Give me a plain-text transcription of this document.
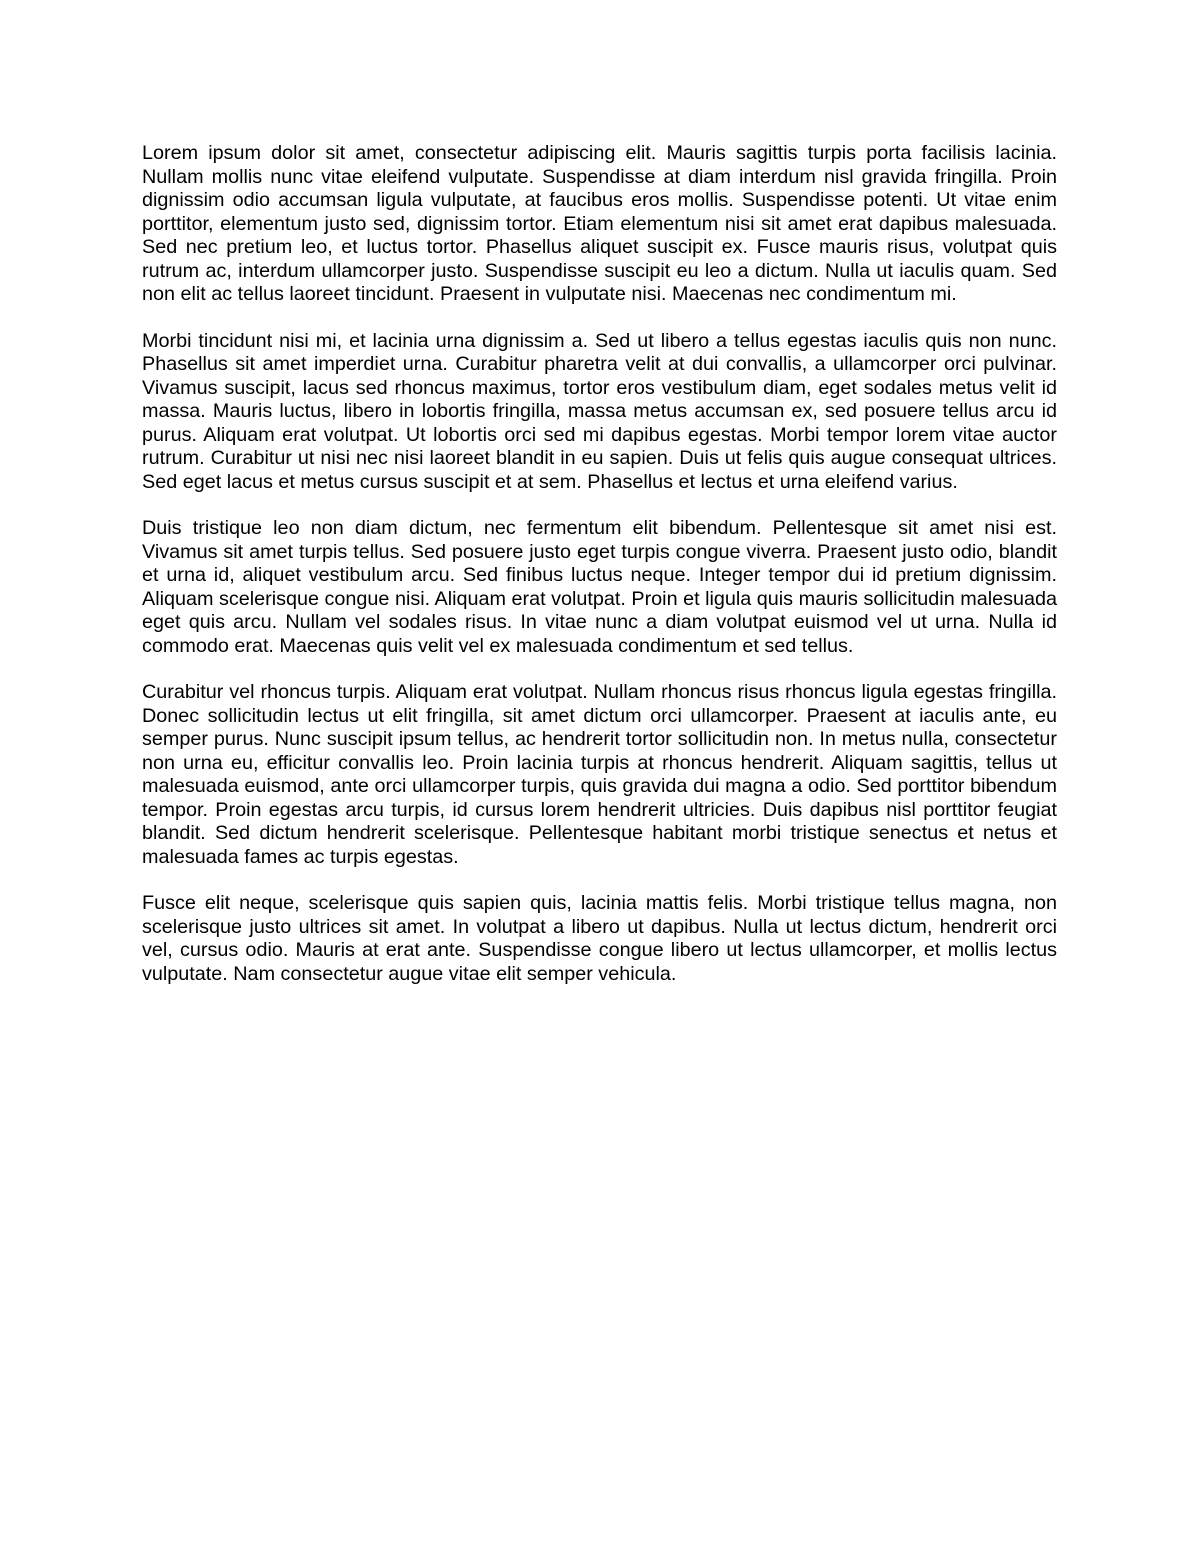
Lorem ipsum dolor sit amet, consectetur adipiscing elit. Mauris sagittis turpis porta facilisis lacinia. Nullam mollis nunc vitae eleifend vulputate. Suspendisse at diam interdum nisl gravida fringilla. Proin dignissim odio accumsan ligula vulputate, at faucibus eros mollis. Suspendisse potenti. Ut vitae enim porttitor, elementum justo sed, dignissim tortor. Etiam elementum nisi sit amet erat dapibus malesuada. Sed nec pretium leo, et luctus tortor. Phasellus aliquet suscipit ex. Fusce mauris risus, volutpat quis rutrum ac, interdum ullamcorper justo. Suspendisse suscipit eu leo a dictum. Nulla ut iaculis quam. Sed non elit ac tellus laoreet tincidunt. Praesent in vulputate nisi. Maecenas nec condimentum mi.

Morbi tincidunt nisi mi, et lacinia urna dignissim a. Sed ut libero a tellus egestas iaculis quis non nunc. Phasellus sit amet imperdiet urna. Curabitur pharetra velit at dui convallis, a ullamcorper orci pulvinar. Vivamus suscipit, lacus sed rhoncus maximus, tortor eros vestibulum diam, eget sodales metus velit id massa. Mauris luctus, libero in lobortis fringilla, massa metus accumsan ex, sed posuere tellus arcu id purus. Aliquam erat volutpat. Ut lobortis orci sed mi dapibus egestas. Morbi tempor lorem vitae auctor rutrum. Curabitur ut nisi nec nisi laoreet blandit in eu sapien. Duis ut felis quis augue consequat ultrices. Sed eget lacus et metus cursus suscipit et at sem. Phasellus et lectus et urna eleifend varius.

Duis tristique leo non diam dictum, nec fermentum elit bibendum. Pellentesque sit amet nisi est. Vivamus sit amet turpis tellus. Sed posuere justo eget turpis congue viverra. Praesent justo odio, blandit et urna id, aliquet vestibulum arcu. Sed finibus luctus neque. Integer tempor dui id pretium dignissim. Aliquam scelerisque congue nisi. Aliquam erat volutpat. Proin et ligula quis mauris sollicitudin malesuada eget quis arcu. Nullam vel sodales risus. In vitae nunc a diam volutpat euismod vel ut urna. Nulla id commodo erat. Maecenas quis velit vel ex malesuada condimentum et sed tellus.

Curabitur vel rhoncus turpis. Aliquam erat volutpat. Nullam rhoncus risus rhoncus ligula egestas fringilla. Donec sollicitudin lectus ut elit fringilla, sit amet dictum orci ullamcorper. Praesent at iaculis ante, eu semper purus. Nunc suscipit ipsum tellus, ac hendrerit tortor sollicitudin non. In metus nulla, consectetur non urna eu, efficitur convallis leo. Proin lacinia turpis at rhoncus hendrerit. Aliquam sagittis, tellus ut malesuada euismod, ante orci ullamcorper turpis, quis gravida dui magna a odio. Sed porttitor bibendum tempor. Proin egestas arcu turpis, id cursus lorem hendrerit ultricies. Duis dapibus nisl porttitor feugiat blandit. Sed dictum hendrerit scelerisque. Pellentesque habitant morbi tristique senectus et netus et malesuada fames ac turpis egestas.

Fusce elit neque, scelerisque quis sapien quis, lacinia mattis felis. Morbi tristique tellus magna, non scelerisque justo ultrices sit amet. In volutpat a libero ut dapibus. Nulla ut lectus dictum, hendrerit orci vel, cursus odio. Mauris at erat ante. Suspendisse congue libero ut lectus ullamcorper, et mollis lectus vulputate. Nam consectetur augue vitae elit semper vehicula.
